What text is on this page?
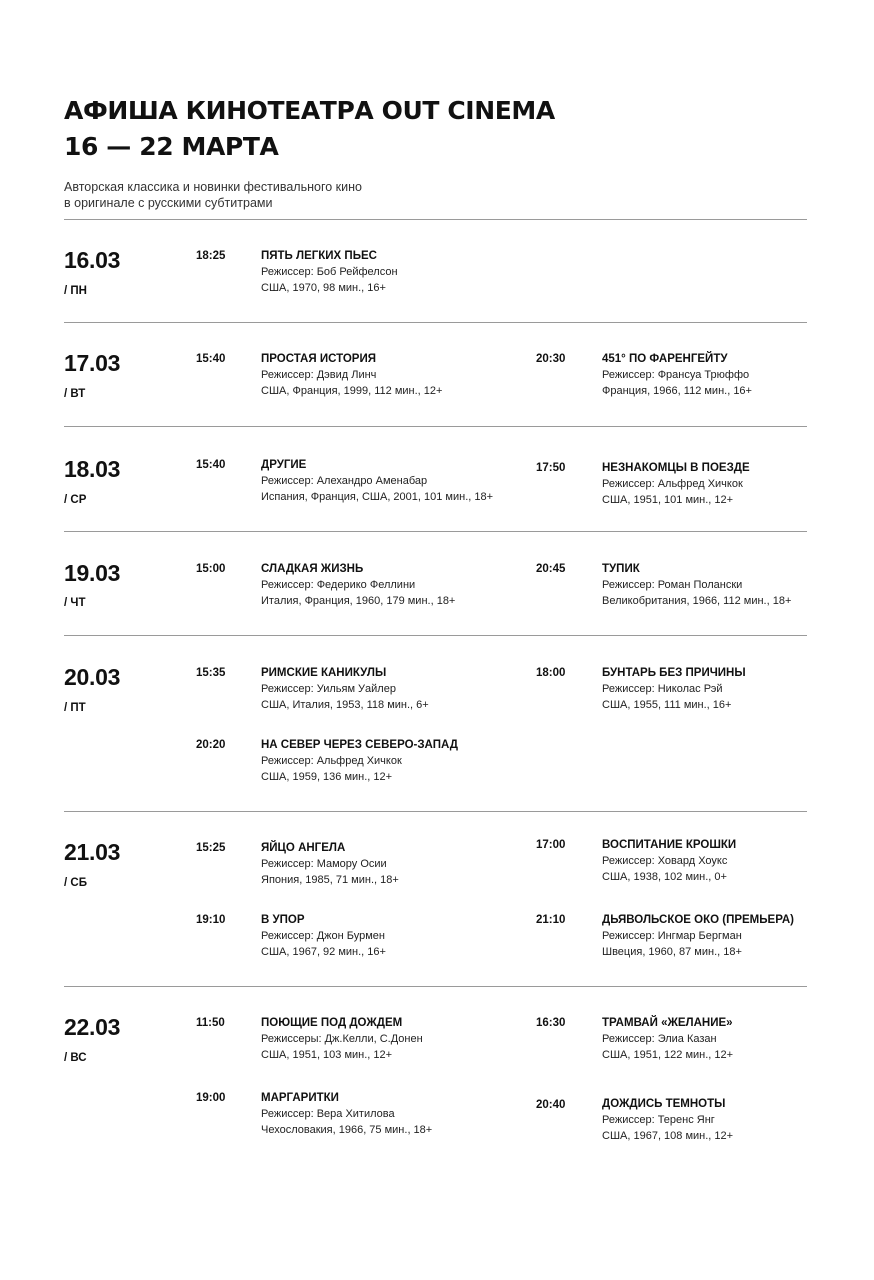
АФИША КИНОТЕАТРА OUT CINEMA
16 — 22 МАРТА
Авторская классика и новинки фестивального кино
в оригинале с русскими субтитрами
16.03
/ ПН
18:25	ПЯТЬ ЛЕГКИХ ПЬЕС
Режиссер: Боб Рейфелсон
США, 1970, 98 мин., 16+
17.03
/ ВТ
15:40	ПРОСТАЯ ИСТОРИЯ
Режиссер: Дэвид Линч
США, Франция, 1999, 112 мин., 12+
20:30	451° ПО ФАРЕНГЕЙТУ
Режиссер: Франсуа Трюффо
Франция, 1966, 112 мин., 16+
18.03
/ СР
15:40	ДРУГИЕ
Режиссер: Алехандро Аменабар
Испания, Франция, США, 2001, 101 мин., 18+
17:50	НЕЗНАКОМЦЫ В ПОЕЗДЕ
Режиссер: Альфред Хичкок
США, 1951, 101 мин., 12+
19.03
/ ЧТ
15:00	СЛАДКАЯ ЖИЗНЬ
Режиссер: Федерико Феллини
Италия, Франция, 1960, 179 мин., 18+
20:45	ТУПИК
Режиссер: Роман Полански
Великобритания, 1966, 112 мин., 18+
20.03
/ ПТ
15:35	РИМСКИЕ КАНИКУЛЫ
Режиссер: Уильям Уайлер
США, Италия, 1953, 118 мин., 6+
18:00	БУНТАРЬ БЕЗ ПРИЧИНЫ
Режиссер: Николас Рэй
США, 1955, 111 мин., 16+
20:20	НА СЕВЕР ЧЕРЕЗ СЕВЕРО-ЗАПАД
Режиссер: Альфред Хичкок
США, 1959, 136 мин., 12+
21.03
/ СБ
15:25	ЯЙЦО АНГЕЛА
Режиссер: Мамору Осии
Япония, 1985, 71 мин., 18+
17:00	ВОСПИТАНИЕ КРОШКИ
Режиссер: Ховард Хоукс
США, 1938, 102 мин., 0+
19:10	В УПОР
Режиссер: Джон Бурмен
США, 1967, 92 мин., 16+
21:10	ДЬЯВОЛЬСКОЕ ОКО (ПРЕМЬЕРА)
Режиссер: Ингмар Бергман
Швеция, 1960, 87 мин., 18+
22.03
/ ВС
11:50	ПОЮЩИЕ ПОД ДОЖДЕМ
Режиссеры: Дж.Келли, С.Донен
США, 1951, 103 мин., 12+
16:30	ТРАМВАЙ «ЖЕЛАНИЕ»
Режиссер: Элиа Казан
США, 1951, 122 мин., 12+
19:00	МАРГАРИТКИ
Режиссер: Вера Хитилова
Чехословакия, 1966, 75 мин., 18+
20:40	ДОЖДИСЬ ТЕМНОТЫ
Режиссер: Теренс Янг
США, 1967, 108 мин., 12+
